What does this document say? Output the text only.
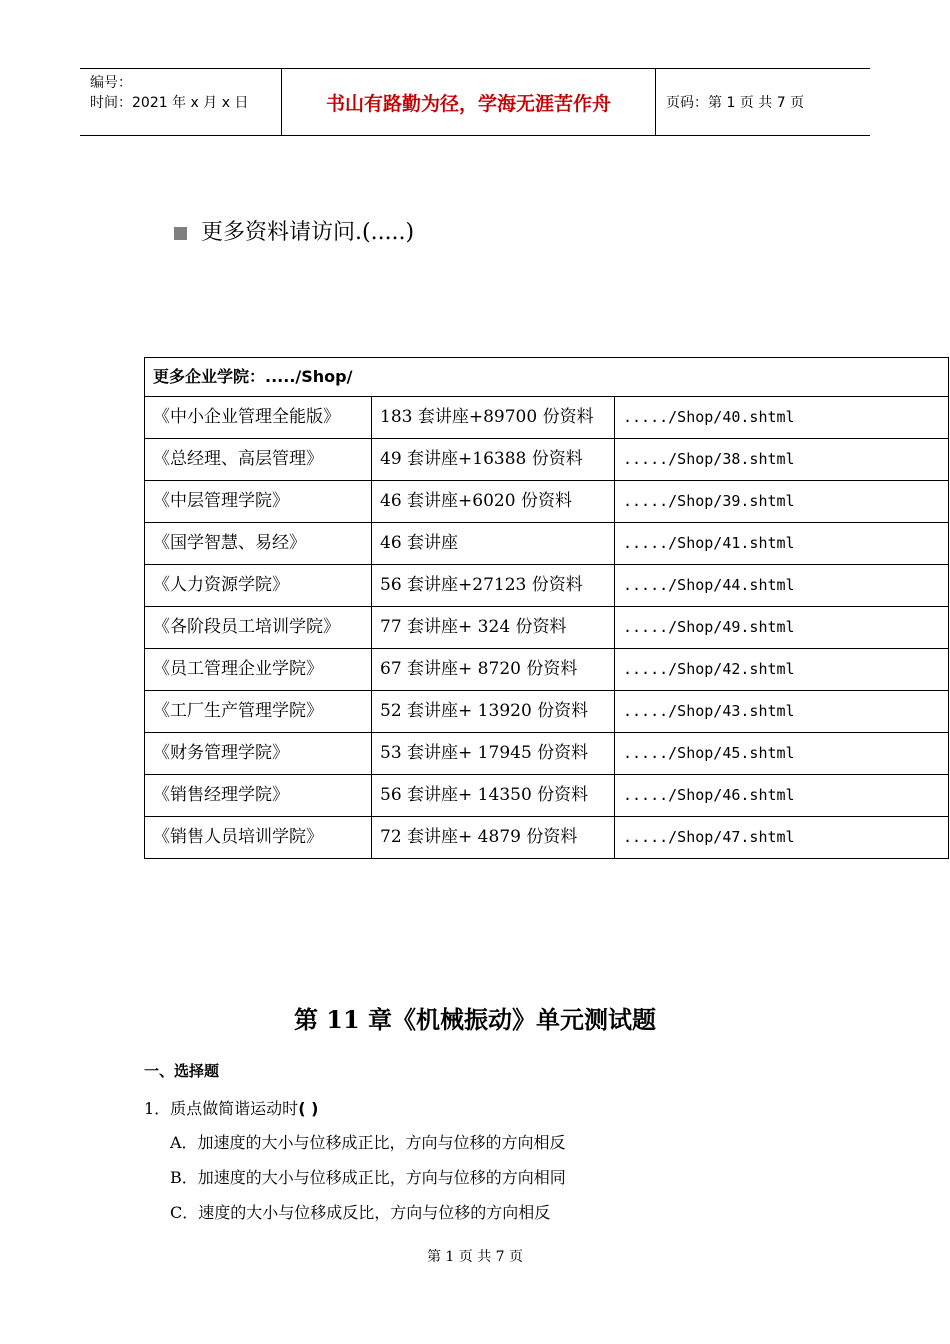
编号：
时间：2021 年 x 月 x 日	书山有路勤为径，学海无涯苦作舟	页码：第 1 页 共 7 页
更多资料请访问.(.....)
更多企业学院：...../Shop/		
《中小企业管理全能版》	183 套讲座+89700 份资料	...../Shop/40.shtml
《总经理、高层管理》	49 套讲座+16388 份资料	...../Shop/38.shtml
《中层管理学院》	46 套讲座+6020 份资料	...../Shop/39.shtml
《国学智慧、易经》	46 套讲座	...../Shop/41.shtml
《人力资源学院》	56 套讲座+27123 份资料	...../Shop/44.shtml
《各阶段员工培训学院》	77 套讲座+ 324 份资料	...../Shop/49.shtml
《员工管理企业学院》	67 套讲座+ 8720 份资料	...../Shop/42.shtml
《工厂生产管理学院》	52 套讲座+ 13920 份资料	...../Shop/43.shtml
《财务管理学院》	53 套讲座+ 17945 份资料	...../Shop/45.shtml
《销售经理学院》	56 套讲座+ 14350 份资料	...../Shop/46.shtml
《销售人员培训学院》	72 套讲座+ 4879 份资料	...../Shop/47.shtml
第 11 章《机械振动》单元测试题
一、选择题
1．质点做简谐运动时( )
A．加速度的大小与位移成正比，方向与位移的方向相反
B．加速度的大小与位移成正比，方向与位移的方向相同
C．速度的大小与位移成反比，方向与位移的方向相反
第 1 页 共 7 页
